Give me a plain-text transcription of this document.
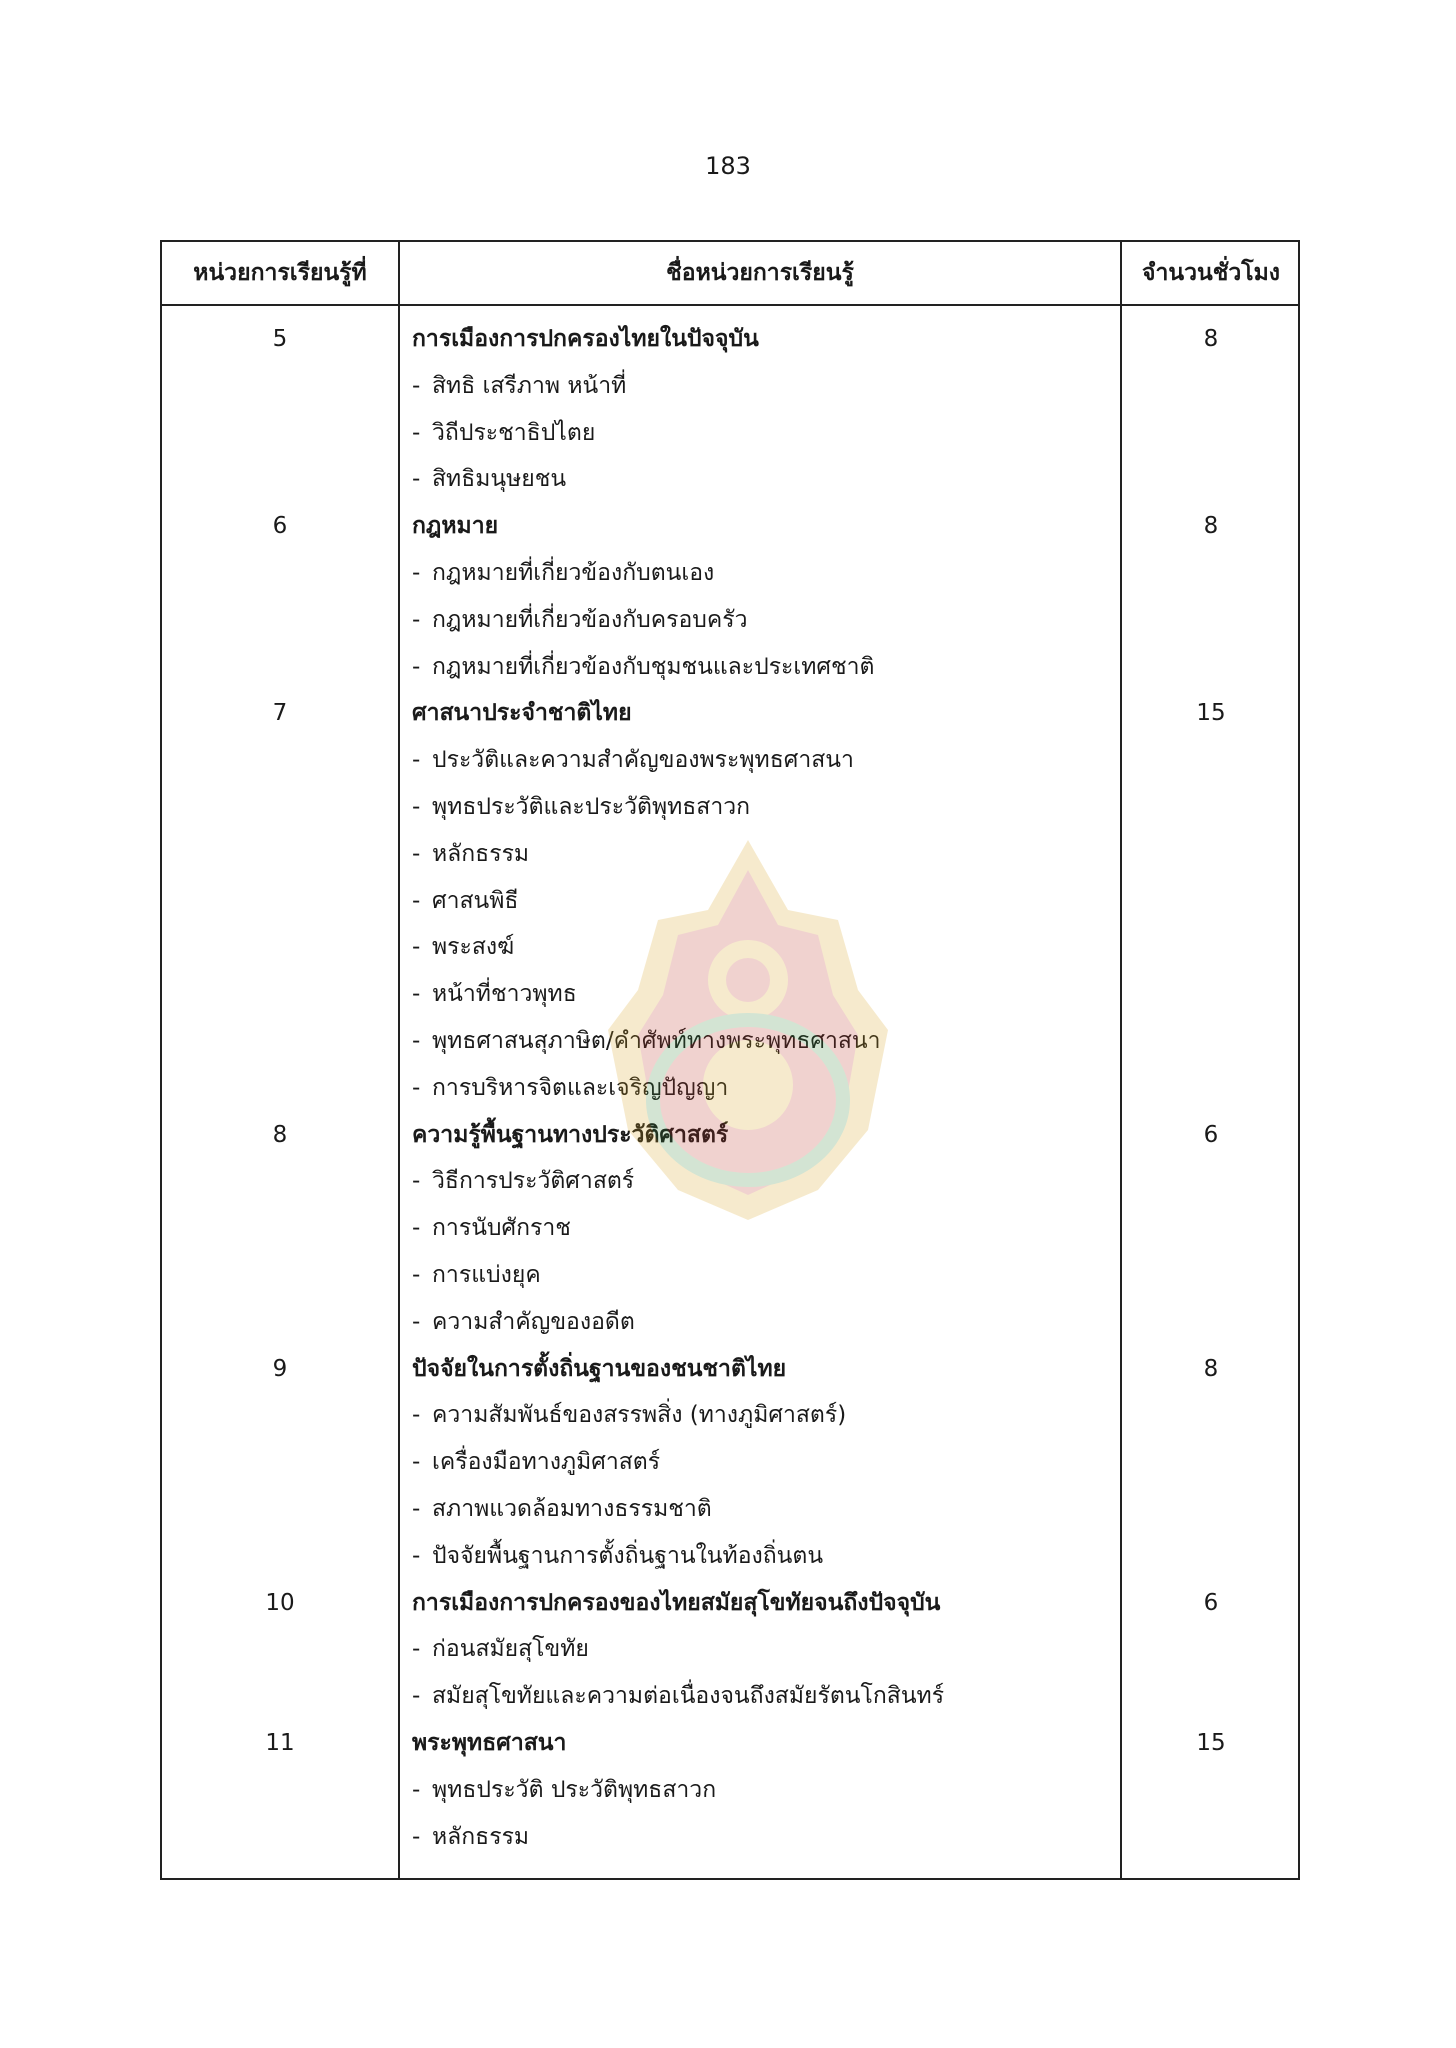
183
หน่วยการเรียนรู้ที่	ชื่อหน่วยการเรียนรู้	จำนวนชั่วโมง
5	การเมืองการปกครองไทยในปัจจุบัน	8
- สิทธิ เสรีภาพ หน้าที่
- วิถีประชาธิปไตย
- สิทธิมนุษยชน
6	กฎหมาย	8
- กฎหมายที่เกี่ยวข้องกับตนเอง
- กฎหมายที่เกี่ยวข้องกับครอบครัว
- กฎหมายที่เกี่ยวข้องกับชุมชนและประเทศชาติ
7	ศาสนาประจำชาติไทย	15
- ประวัติและความสำคัญของพระพุทธศาสนา
- พุทธประวัติและประวัติพุทธสาวก
- หลักธรรม
- ศาสนพิธี
- พระสงฆ์
- หน้าที่ชาวพุทธ
- พุทธศาสนสุภาษิต/คำศัพท์ทางพระพุทธศาสนา
- การบริหารจิตและเจริญปัญญา
8	ความรู้พื้นฐานทางประวัติศาสตร์	6
- วิธีการประวัติศาสตร์
- การนับศักราช
- การแบ่งยุค
- ความสำคัญของอดีต
9	ปัจจัยในการตั้งถิ่นฐานของชนชาติไทย	8
- ความสัมพันธ์ของสรรพสิ่ง (ทางภูมิศาสตร์)
- เครื่องมือทางภูมิศาสตร์
- สภาพแวดล้อมทางธรรมชาติ
- ปัจจัยพื้นฐานการตั้งถิ่นฐานในท้องถิ่นตน
10	การเมืองการปกครองของไทยสมัยสุโขทัยจนถึงปัจจุบัน	6
- ก่อนสมัยสุโขทัย
- สมัยสุโขทัยและความต่อเนื่องจนถึงสมัยรัตนโกสินทร์
11	พระพุทธศาสนา	15
- พุทธประวัติ ประวัติพุทธสาวก
- หลักธรรม
